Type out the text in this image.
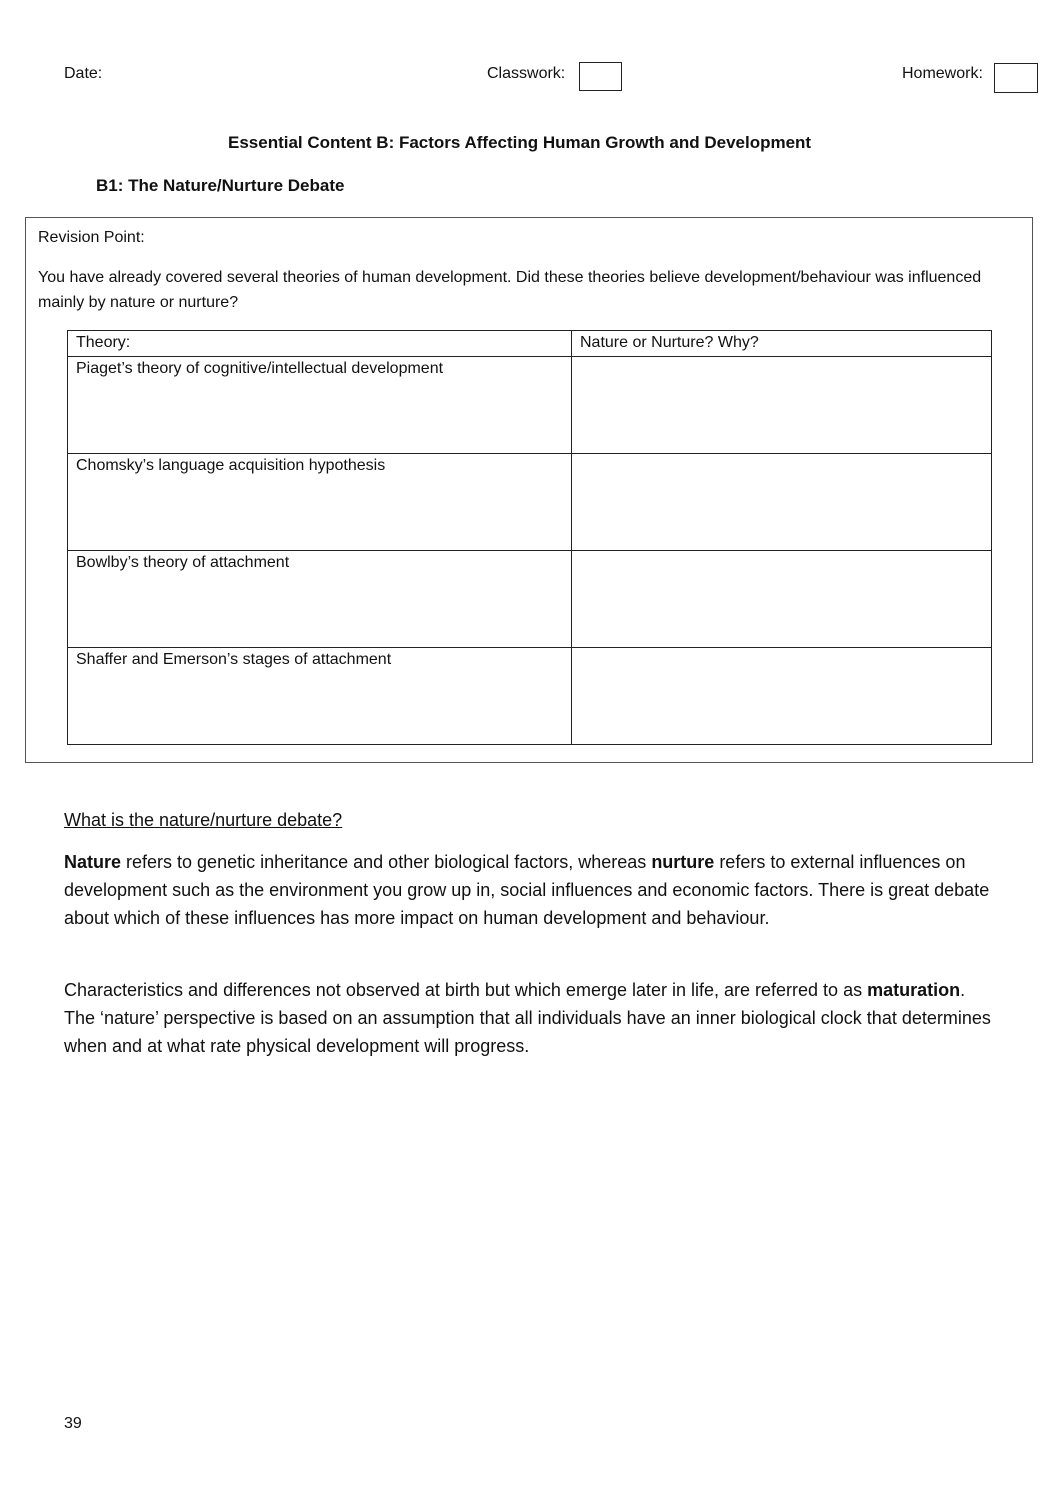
Date:	Classwork:	Homework:
Essential Content B: Factors Affecting Human Growth and Development
B1: The Nature/Nurture Debate
Revision Point:
You have already covered several theories of human development. Did these theories believe development/behaviour was influenced mainly by nature or nurture?
Theory:	Nature or Nurture? Why?
Piaget’s theory of cognitive/intellectual development	
Chomsky’s language acquisition hypothesis	
Bowlby’s theory of attachment	
Shaffer and Emerson’s stages of attachment	
What is the nature/nurture debate?
Nature refers to genetic inheritance and other biological factors, whereas nurture refers to external influences on development such as the environment you grow up in, social influences and economic factors. There is great debate about which of these influences has more impact on human development and behaviour.
Characteristics and differences not observed at birth but which emerge later in life, are referred to as maturation. The ‘nature’ perspective is based on an assumption that all individuals have an inner biological clock that determines when and at what rate physical development will progress.
39
